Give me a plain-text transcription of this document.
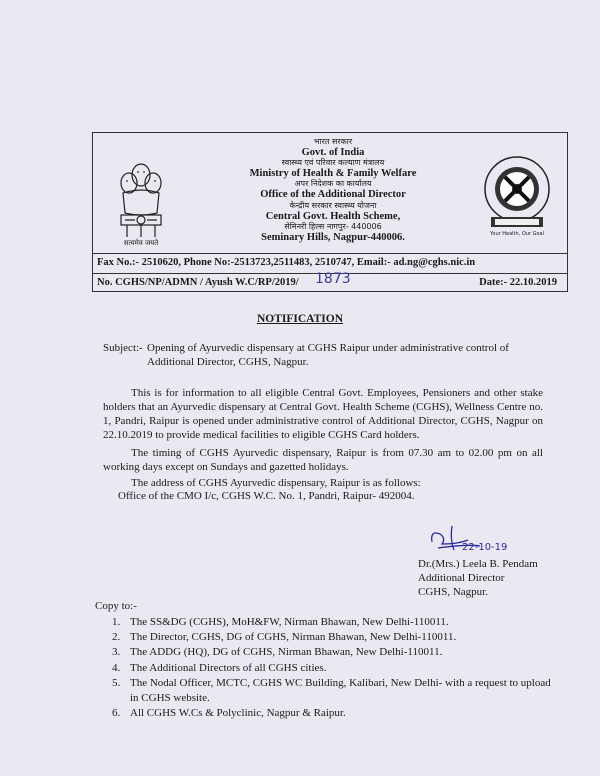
सत्यमेव जयते
भारत सरकार
Govt. of India
स्वास्थ्य एवं परिवार कल्याण मंत्रालय
Ministry of Health & Family Welfare
अपर निदेशक का कार्यालय
Office of the Additional Director
केन्द्रीय सरकार स्वास्थ्य योजना
Central Govt. Health Scheme,
सेमिनरी हिल्स नागपुर- 440006
Seminary Hills, Nagpur-440006.	Your Health, Our Goal
Fax No.:- 2510620, Phone No:-2513723,2511483, 2510747, Email:- ad.ng@cghs.nic.in
No. CGHS/NP/ADMN / Ayush W.C/RP/2019/ 1873	Date:- 22.10.2019
NOTIFICATION
Subject:- Opening of Ayurvedic dispensary at CGHS Raipur under administrative control of Additional Director, CGHS, Nagpur.
This is for information to all eligible Central Govt. Employees, Pensioners and other stake holders that an Ayurvedic dispensary at Central Govt. Health Scheme (CGHS), Wellness Centre no. 1, Pandri, Raipur is opened under administrative control of Additional Director, CGHS, Nagpur on 22.10.2019 to provide medical facilities to eligible CGHS Card holders.
The timing of CGHS Ayurvedic dispensary, Raipur is from 07.30 am to 02.00 pm on all working days except on Sundays and gazetted holidays.
The address of CGHS Ayurvedic dispensary, Raipur is as follows:
Office of the CMO I/c, CGHS W.C. No. 1, Pandri, Raipur- 492004.
22-10-19
Dr.(Mrs.) Leela B. Pendam
Additional Director
CGHS, Nagpur.
Copy to:-
1. The SS&DG (CGHS), MoH&FW, Nirman Bhawan, New Delhi-110011.
2. The Director, CGHS, DG of CGHS, Nirman Bhawan, New Delhi-110011.
3. The ADDG (HQ), DG of CGHS, Nirman Bhawan, New Delhi-110011.
4. The Additional Directors of all CGHS cities.
5. The Nodal Officer, MCTC, CGHS WC Building, Kalibari, New Delhi- with a request to upload in CGHS website.
6. All CGHS W.Cs & Polyclinic, Nagpur & Raipur.
